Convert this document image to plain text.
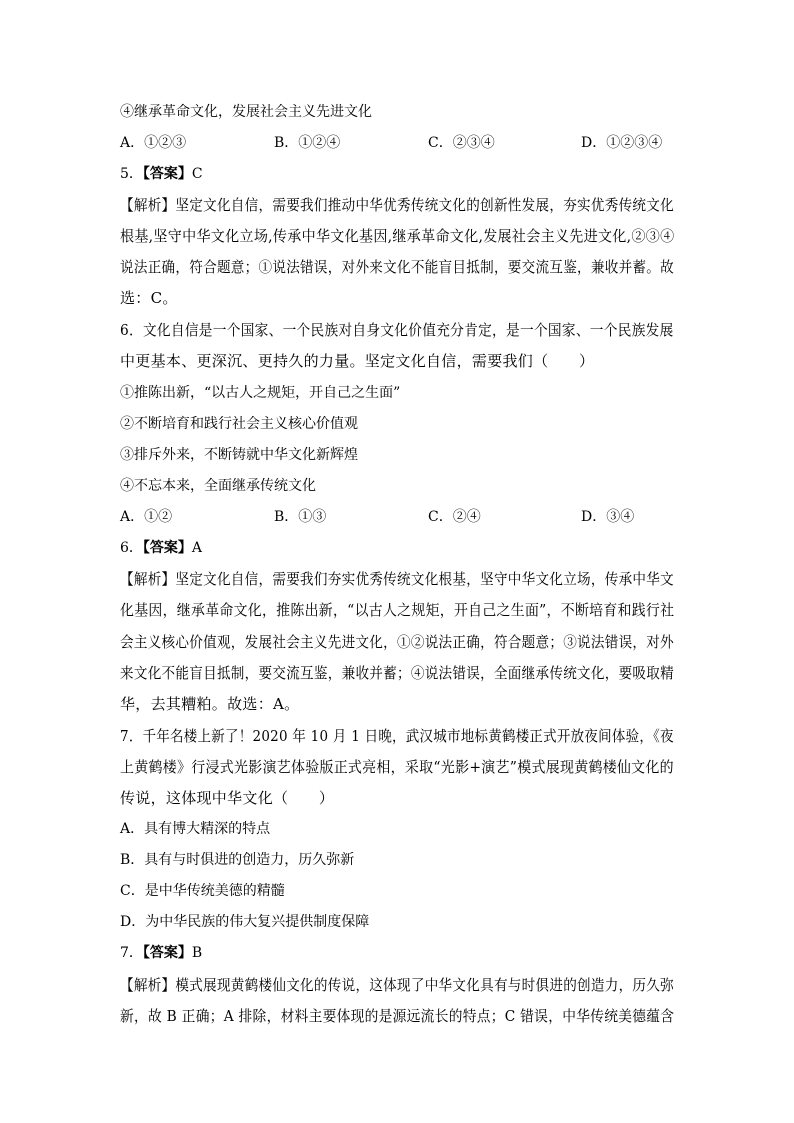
④继承革命文化，发展社会主义先进文化
A．①②③	B．①②④	C．②③④	D．①②③④
5．【答案】C
【解析】坚定文化自信，需要我们推动中华优秀传统文化的创新性发展，夯实优秀传统文化
根基,坚守中华文化立场,传承中华文化基因,继承革命文化,发展社会主义先进文化,②③④
说法正确，符合题意；①说法错误，对外来文化不能盲目抵制，要交流互鉴，兼收并蓄。故
选：C。
6．文化自信是一个国家、一个民族对自身文化价值充分肯定，是一个国家、一个民族发展
中更基本、更深沉、更持久的力量。坚定文化自信，需要我们（　　）
①推陈出新，“以古人之规矩，开自己之生面”
②不断培育和践行社会主义核心价值观
③排斥外来，不断铸就中华文化新辉煌
④不忘本来，全面继承传统文化
A．①②	B．①③	C．②④	D．③④
6．【答案】A
【解析】坚定文化自信，需要我们夯实优秀传统文化根基，坚守中华文化立场，传承中华文
化基因，继承革命文化，推陈出新，“以古人之规矩，开自己之生面”，不断培育和践行社
会主义核心价值观，发展社会主义先进文化，①②说法正确，符合题意；③说法错误，对外
来文化不能盲目抵制，要交流互鉴，兼收并蓄；④说法错误，全面继承传统文化，要吸取精
华，去其糟粕。故选：A。
7．千年名楼上新了！2020 年 10 月 1 日晚，武汉城市地标黄鹤楼正式开放夜间体验，《夜
上黄鹤楼》行浸式光影演艺体验版正式亮相，采取“光影+演艺”模式展现黄鹤楼仙文化的
传说，这体现中华文化（　　）
A．具有博大精深的特点
B．具有与时俱进的创造力，历久弥新
C．是中华传统美德的精髓
D．为中华民族的伟大复兴提供制度保障
7．【答案】B
【解析】模式展现黄鹤楼仙文化的传说，这体现了中华文化具有与时俱进的创造力，历久弥
新，故 B 正确；A 排除，材料主要体现的是源远流长的特点；C 错误，中华传统美德蕴含
